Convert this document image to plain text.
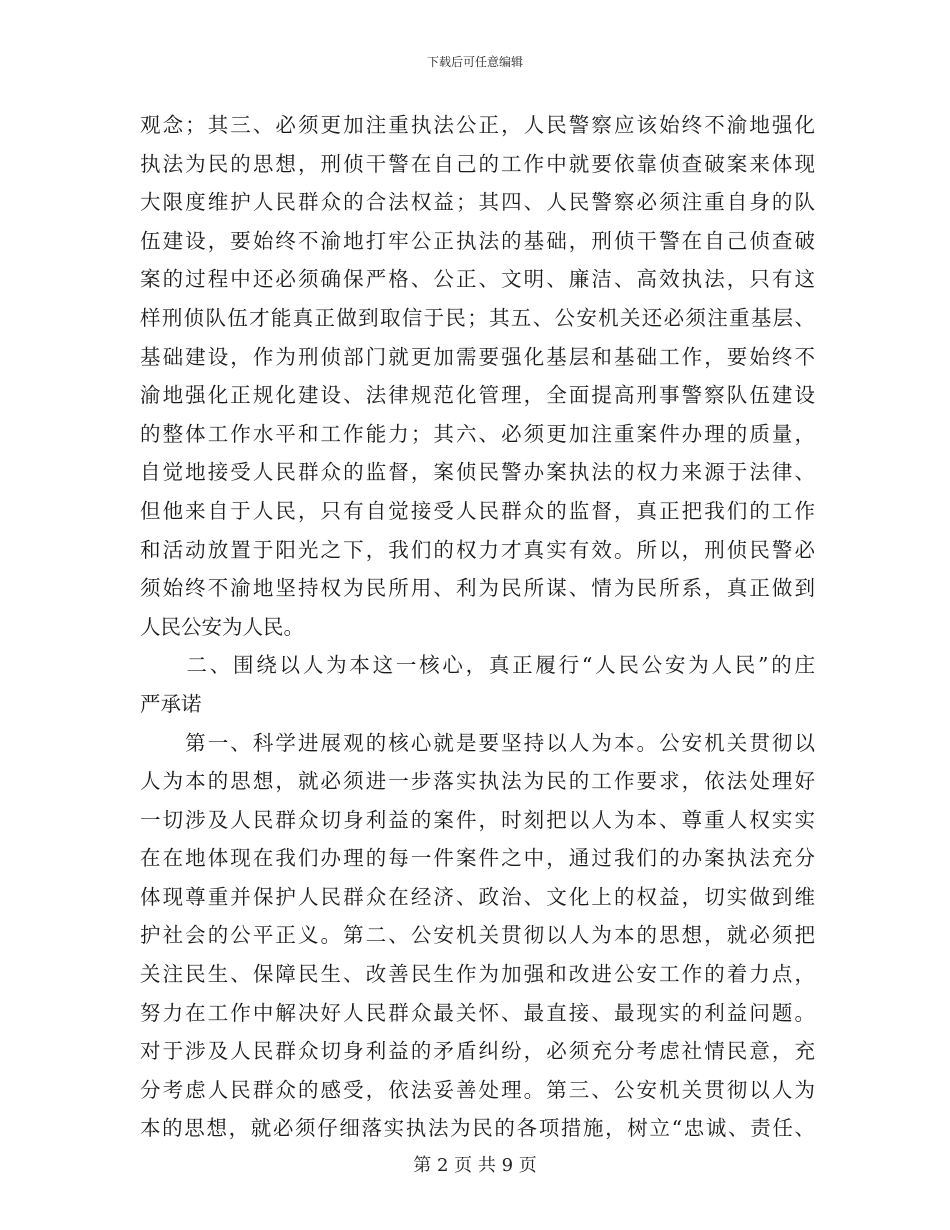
下载后可任意编辑
观念；其三、必须更加注重执法公正，人民警察应该始终不渝地强化
执法为民的思想，刑侦干警在自己的工作中就要依靠侦查破案来体现
大限度维护人民群众的合法权益；其四、人民警察必须注重自身的队
伍建设，要始终不渝地打牢公正执法的基础，刑侦干警在自己侦查破
案的过程中还必须确保严格、公正、文明、廉洁、高效执法，只有这
样刑侦队伍才能真正做到取信于民；其五、公安机关还必须注重基层、
基础建设，作为刑侦部门就更加需要强化基层和基础工作，要始终不
渝地强化正规化建设、法律规范化管理，全面提高刑事警察队伍建设
的整体工作水平和工作能力；其六、必须更加注重案件办理的质量，
自觉地接受人民群众的监督，案侦民警办案执法的权力来源于法律、
但他来自于人民，只有自觉接受人民群众的监督，真正把我们的工作
和活动放置于阳光之下，我们的权力才真实有效。所以，刑侦民警必
须始终不渝地坚持权为民所用、利为民所谋、情为民所系，真正做到
人民公安为人民。
　　二、围绕以人为本这一核心，真正履行“人民公安为人民”的庄
严承诺
　　第一、科学进展观的核心就是要坚持以人为本。公安机关贯彻以
人为本的思想，就必须进一步落实执法为民的工作要求，依法处理好
一切涉及人民群众切身利益的案件，时刻把以人为本、尊重人权实实
在在地体现在我们办理的每一件案件之中，通过我们的办案执法充分
体现尊重并保护人民群众在经济、政治、文化上的权益，切实做到维
护社会的公平正义。第二、公安机关贯彻以人为本的思想，就必须把
关注民生、保障民生、改善民生作为加强和改进公安工作的着力点，
努力在工作中解决好人民群众最关怀、最直接、最现实的利益问题。
对于涉及人民群众切身利益的矛盾纠纷，必须充分考虑社情民意，充
分考虑人民群众的感受，依法妥善处理。第三、公安机关贯彻以人为
本的思想，就必须仔细落实执法为民的各项措施，树立“忠诚、责任、
第 2 页 共 9 页
